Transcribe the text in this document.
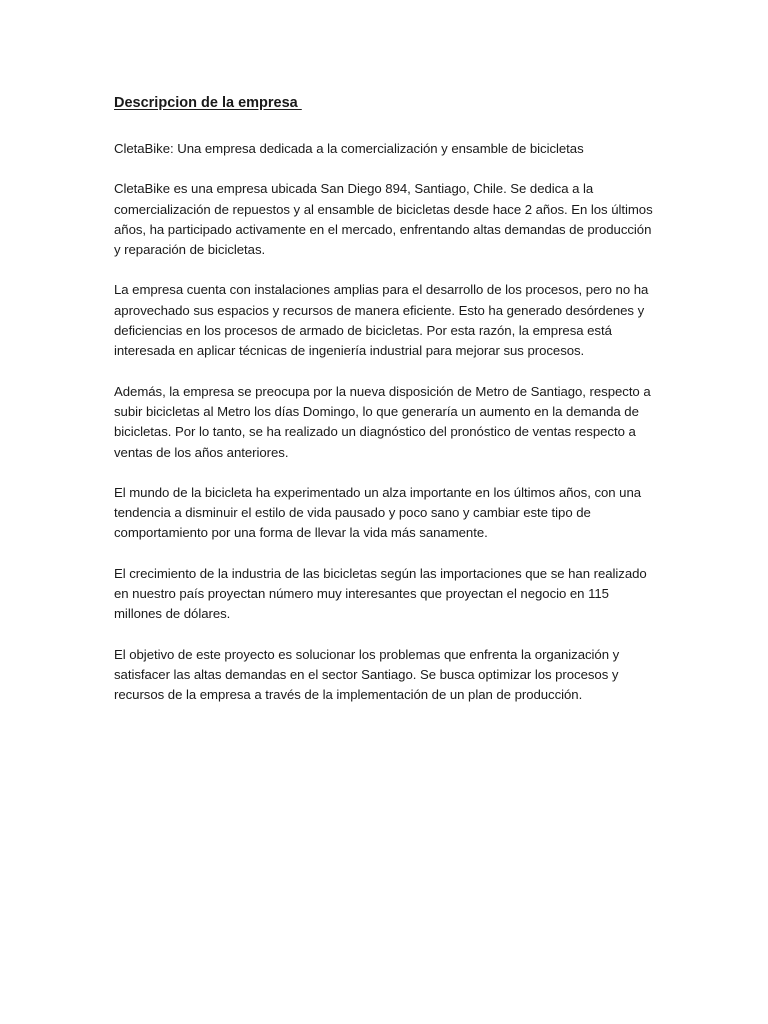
Descripcion de la empresa

CletaBike: Una empresa dedicada a la comercialización y ensamble de bicicletas

CletaBike es una empresa ubicada San Diego 894, Santiago, Chile. Se dedica a la comercialización de repuestos y al ensamble de bicicletas desde hace 2 años. En los últimos años, ha participado activamente en el mercado, enfrentando altas demandas de producción y reparación de bicicletas.

La empresa cuenta con instalaciones amplias para el desarrollo de los procesos, pero no ha aprovechado sus espacios y recursos de manera eficiente. Esto ha generado desórdenes y deficiencias en los procesos de armado de bicicletas. Por esta razón, la empresa está interesada en aplicar técnicas de ingeniería industrial para mejorar sus procesos.

Además, la empresa se preocupa por la nueva disposición de Metro de Santiago, respecto a subir bicicletas al Metro los días Domingo, lo que generaría un aumento en la demanda de bicicletas. Por lo tanto, se ha realizado un diagnóstico del pronóstico de ventas respecto a ventas de los años anteriores.

El mundo de la bicicleta ha experimentado un alza importante en los últimos años, con una tendencia a disminuir el estilo de vida pausado y poco sano y cambiar este tipo de comportamiento por una forma de llevar la vida más sanamente.

El crecimiento de la industria de las bicicletas según las importaciones que se han realizado en nuestro país proyectan número muy interesantes que proyectan el negocio en 115 millones de dólares.

El objetivo de este proyecto es solucionar los problemas que enfrenta la organización y satisfacer las altas demandas en el sector Santiago. Se busca optimizar los procesos y recursos de la empresa a través de la implementación de un plan de producción.
